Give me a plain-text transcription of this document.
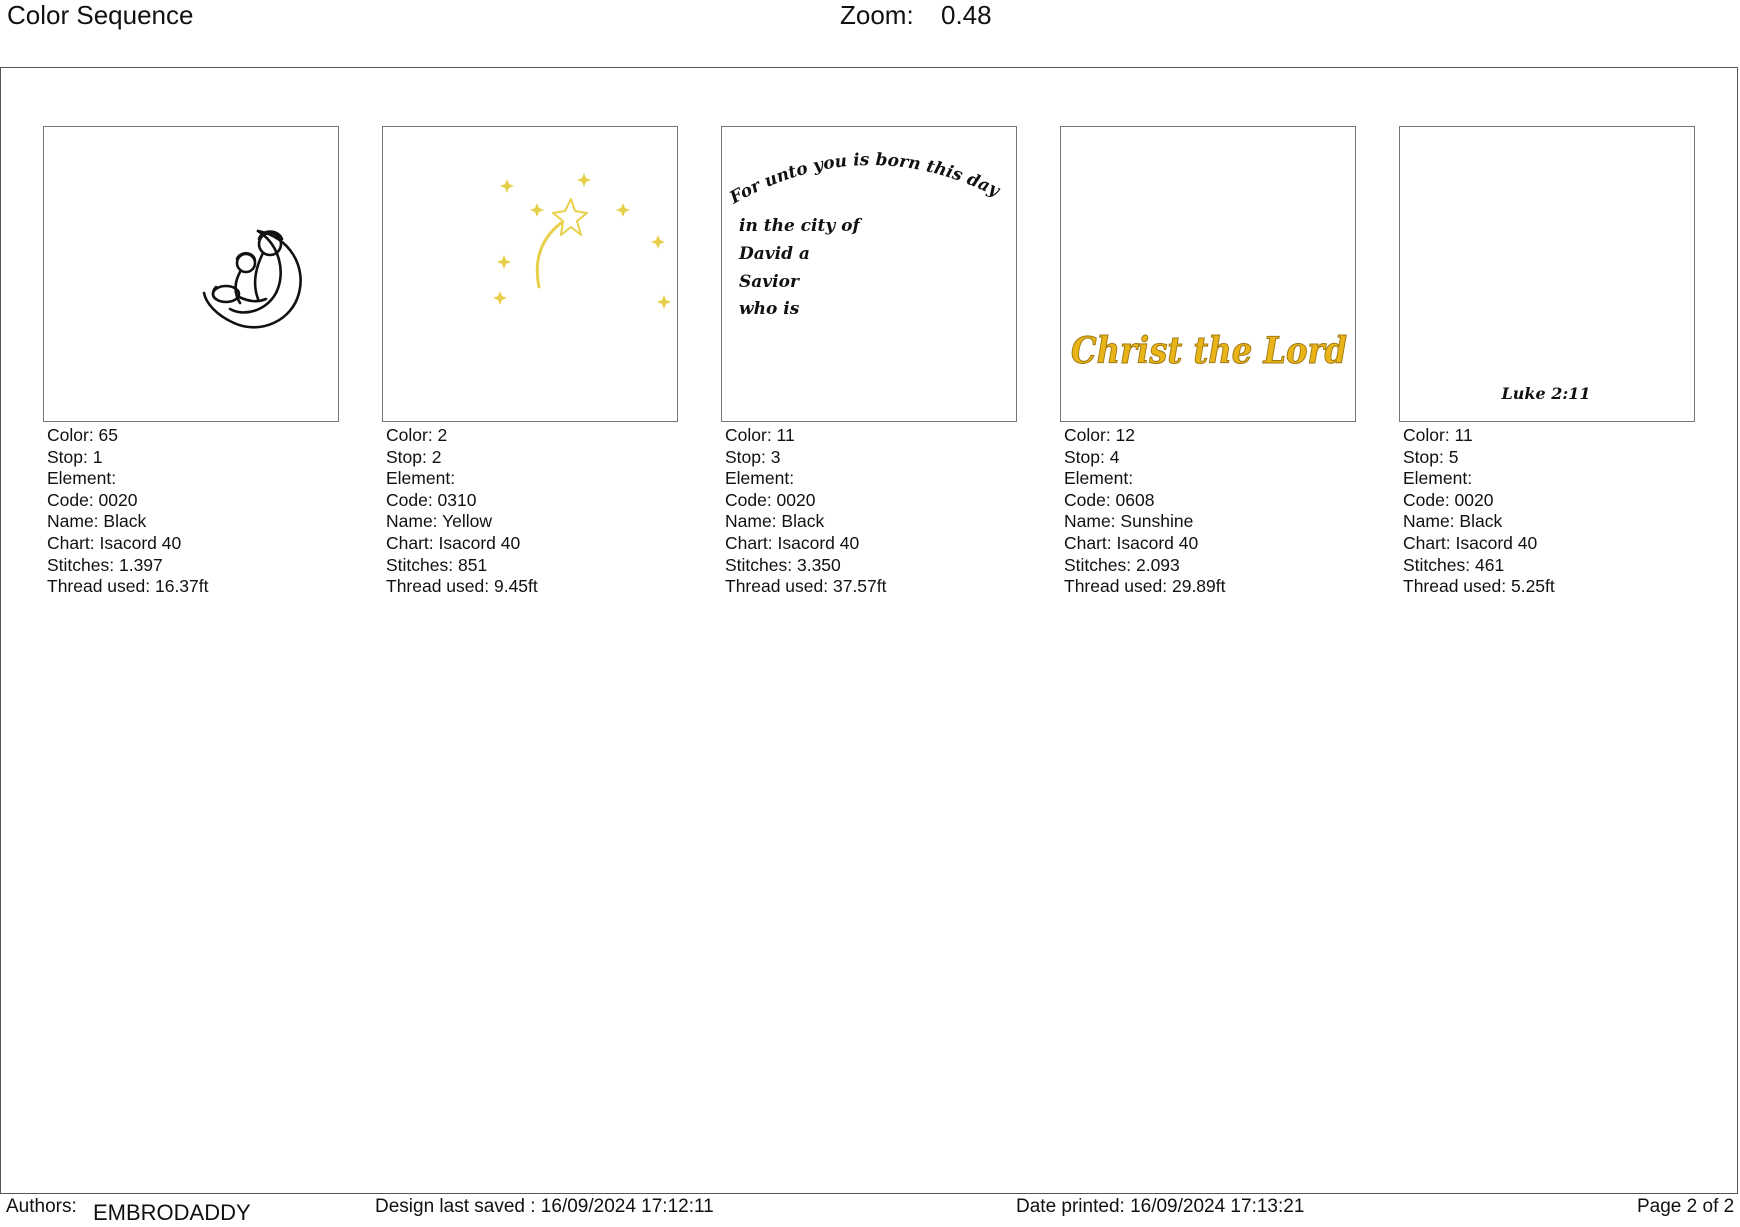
Color Sequence	Zoom: 0.48
Color: 65
Stop: 1
Element:
Code: 0020
Name: Black
Chart: Isacord 40
Stitches: 1.397
Thread used: 16.37ft
Color: 2
Stop: 2
Element:
Code: 0310
Name: Yellow
Chart: Isacord 40
Stitches: 851
Thread used: 9.45ft
For unto you is born this day
in the city of
David a
Savior
who is
Color: 11
Stop: 3
Element:
Code: 0020
Name: Black
Chart: Isacord 40
Stitches: 3.350
Thread used: 37.57ft
Christ the Lord
Color: 12
Stop: 4
Element:
Code: 0608
Name: Sunshine
Chart: Isacord 40
Stitches: 2.093
Thread used: 29.89ft
Luke 2:11
Color: 11
Stop: 5
Element:
Code: 0020
Name: Black
Chart: Isacord 40
Stitches: 461
Thread used: 5.25ft
Authors: EMBRODADDY	Design last saved : 16/09/2024 17:12:11	Date printed: 16/09/2024 17:13:21	Page 2 of 2
